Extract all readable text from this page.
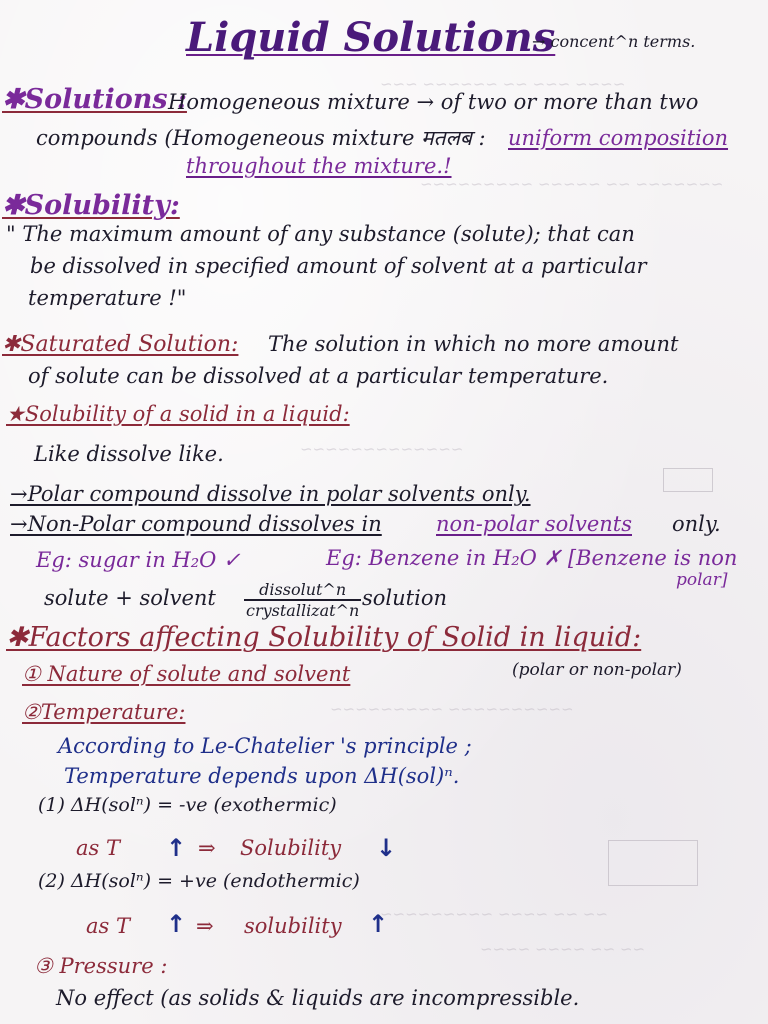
~~~~ ~~~ ~~ ~~~~~~ ~~~
~~~~~~~ ~~ ~~~~~ ~~~~~~~~~
~~~~~~~~~~~~~
~~~~~~~~~~ ~~~~~~~~~
~~ ~~ ~~~~ ~~~~~~~~~
~~ ~~ ~~~~ ~~~~
Liquid Solutions
→ concent^n terms.
✱Solutions :
Homogeneous mixture → of two or more than two
compounds (Homogeneous mixture मतलब : uniform composition
throughout the mixture.!
✱Solubility:
" The maximum amount of any substance (solute); that can
be dissolved in specified amount of solvent at a particular
temperature !"
✱Saturated Solution: The solution in which no more amount
of solute can be dissolved at a particular temperature.
★Solubility of a solid in a liquid:
Like dissolve like.
→Polar compound dissolve in polar solvents only.
→Non-Polar compound dissolves in	non-polar solvents only.
Eg: sugar in H₂O ✓	Eg: Benzene in H₂O ✗ [Benzene is non
polar]
solute + solvent	dissolut^n
crystallizat^n
solution
✱Factors affecting Solubility of Solid in liquid:
① Nature of solute and solvent	(polar or non-polar)
②Temperature:
According to Le-Chatelier 's principle ;
Temperature depends upon ΔH(sol)ⁿ.
(1) ΔH(solⁿ) = -ve (exothermic)
as T ↑ ⇒ Solubility ↓
(2) ΔH(solⁿ) = +ve (endothermic)
as T ↑ ⇒ solubility ↑
③ Pressure :
No effect (as solids & liquids are incompressible.
